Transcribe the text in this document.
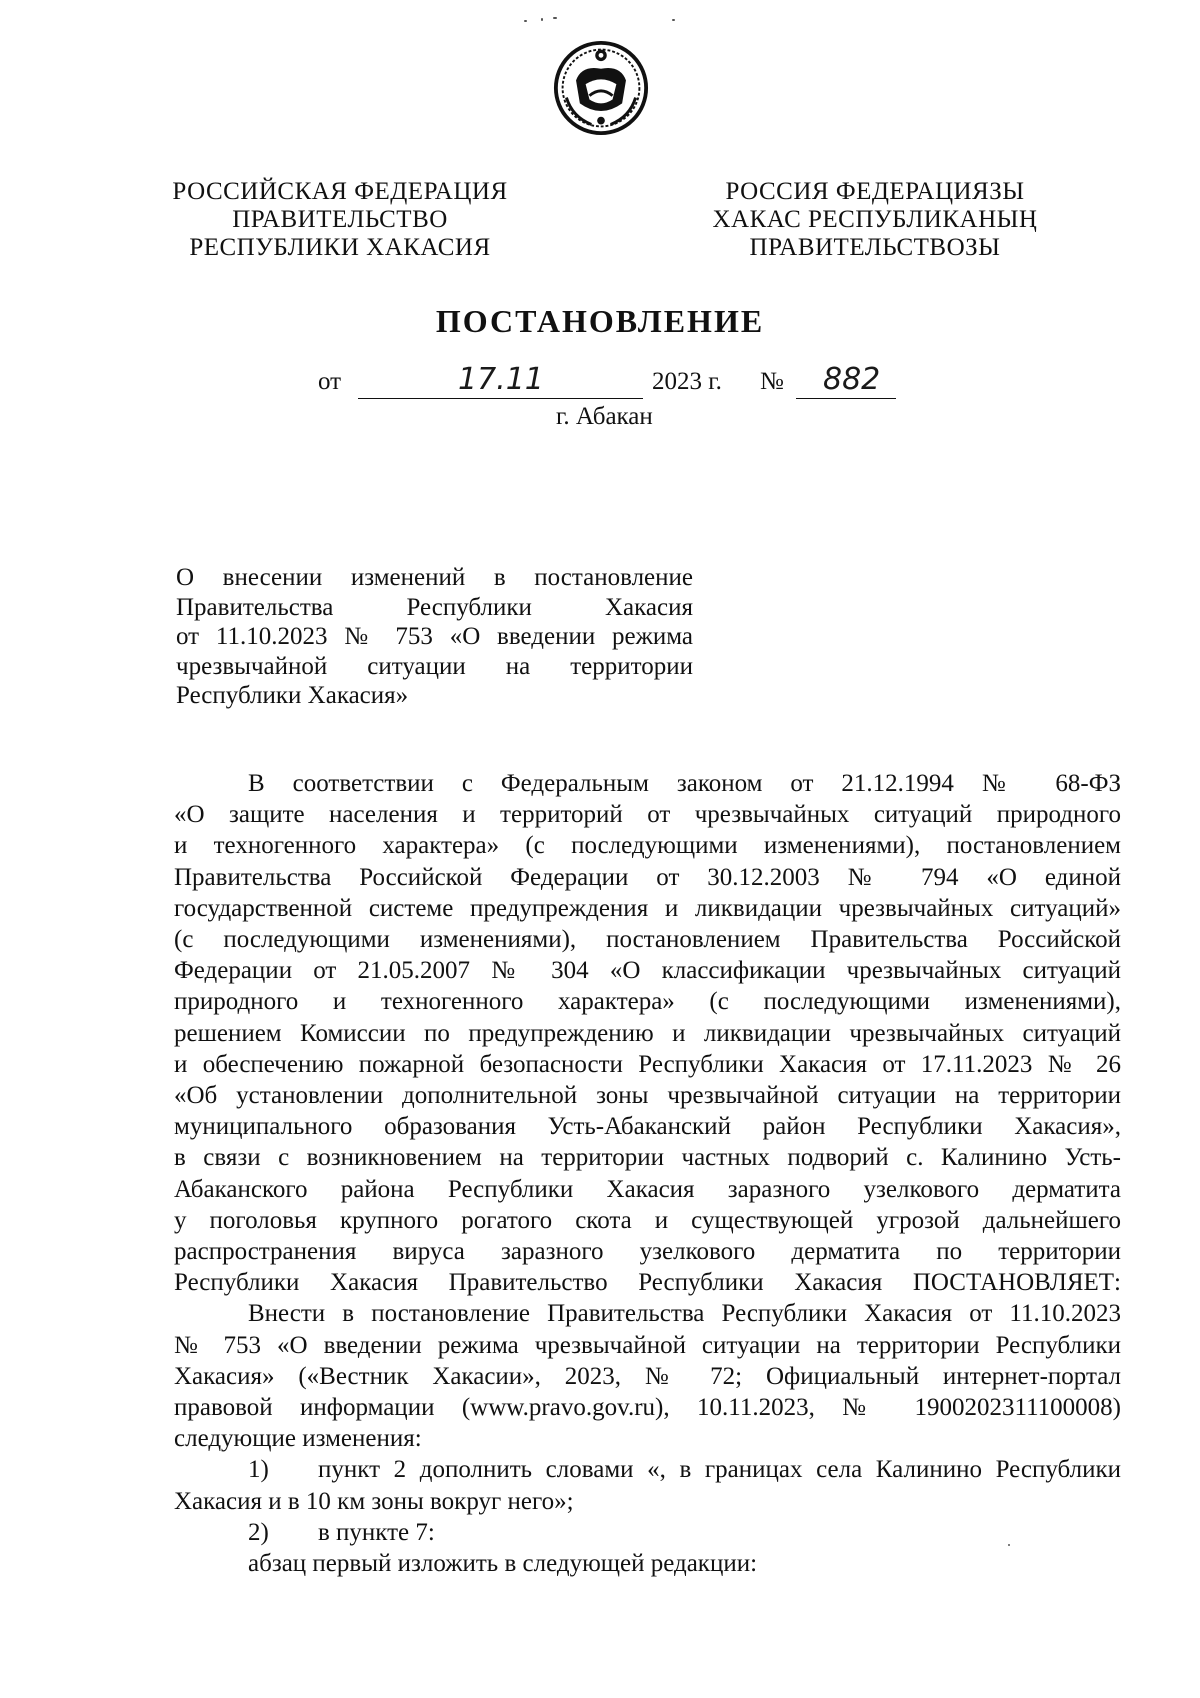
РОССИЙСКАЯ ФЕДЕРАЦИЯ
ПРАВИТЕЛЬСТВО
РЕСПУБЛИКИ ХАКАСИЯ
РОССИЯ ФЕДЕРАЦИЯЗЫ
ХАКАС РЕСПУБЛИКАНЫҢ
ПРАВИТЕЛЬСТВОЗЫ
ПОСТАНОВЛЕНИЕ
от	17.11	2023 г. № 882
г. Абакан
О внесении изменений в постановление
Правительства Республики Хакасия
от 11.10.2023 № 753 «О введении режима
чрезвычайной ситуации на территории
Республики Хакасия»
В соответствии с Федеральным законом от 21.12.1994 № 68-ФЗ
«О защите населения и территорий от чрезвычайных ситуаций природного
и техногенного характера» (с последующими изменениями), постановлением
Правительства Российской Федерации от 30.12.2003 № 794 «О единой
государственной системе предупреждения и ликвидации чрезвычайных ситуаций»
(с последующими изменениями), постановлением Правительства Российской
Федерации от 21.05.2007 № 304 «О классификации чрезвычайных ситуаций
природного и техногенного характера» (с последующими изменениями),
решением Комиссии по предупреждению и ликвидации чрезвычайных ситуаций
и обеспечению пожарной безопасности Республики Хакасия от 17.11.2023 № 26
«Об установлении дополнительной зоны чрезвычайной ситуации на территории
муниципального образования Усть-Абаканский район Республики Хакасия»,
в связи с возникновением на территории частных подворий с. Калинино Усть-
Абаканского района Республики Хакасия заразного узелкового дерматита
у поголовья крупного рогатого скота и существующей угрозой дальнейшего
распространения вируса заразного узелкового дерматита по территории
Республики Хакасия Правительство Республики Хакасия ПОСТАНОВЛЯЕТ:
Внести в постановление Правительства Республики Хакасия от 11.10.2023
№ 753 «О введении режима чрезвычайной ситуации на территории Республики
Хакасия» («Вестник Хакасии», 2023, № 72; Официальный интернет-портал
правовой информации (www.pravo.gov.ru), 10.11.2023, № 1900202311100008)
следующие изменения:
1) пункт 2 дополнить словами «, в границах села Калинино Республики
Хакасия и в 10 км зоны вокруг него»;
2) в пункте 7:
абзац первый изложить в следующей редакции:
